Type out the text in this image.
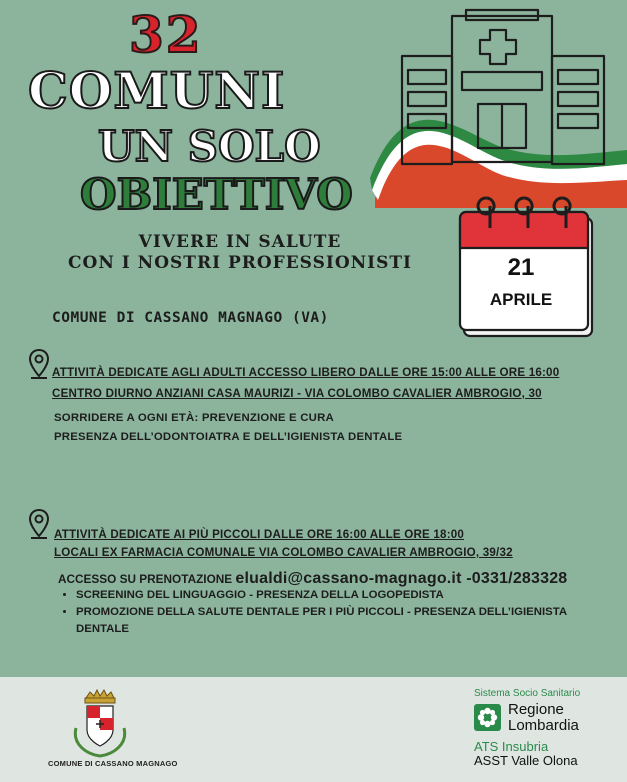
21
APRILE
32
COMUNI
UN SOLO
OBIETTIVO
VIVERE IN SALUTE
CON I NOSTRI PROFESSIONISTI
COMUNE DI CASSANO MAGNAGO (VA)
ATTIVITÀ DEDICATE AGLI ADULTI ACCESSO LIBERO DALLE ORE 15:00 ALLE ORE 16:00
CENTRO DIURNO ANZIANI CASA MAURIZI - VIA COLOMBO CAVALIER AMBROGIO, 30
SORRIDERE A OGNI ETÀ: PREVENZIONE E CURA
PRESENZA DELL’ODONTOIATRA E DELL’IGIENISTA DENTALE
ATTIVITÀ DEDICATE AI PIÙ PICCOLI DALLE ORE 16:00 ALLE ORE 18:00
LOCALI EX FARMACIA COMUNALE VIA COLOMBO CAVALIER AMBROGIO, 39/32
ACCESSO SU PRENOTAZIONE elualdi@cassano-magnago.it -0331/283328
• SCREENING DEL LINGUAGGIO - PRESENZA DELLA LOGOPEDISTA
• PROMOZIONE DELLA SALUTE DENTALE PER I PIÙ PICCOLI - PRESENZA DELL’IGIENISTA DENTALE
COMUNE DI CASSANO MAGNAGO
Sistema Socio Sanitario
Regione
Lombardia
ATS Insubria
ASST Valle Olona
